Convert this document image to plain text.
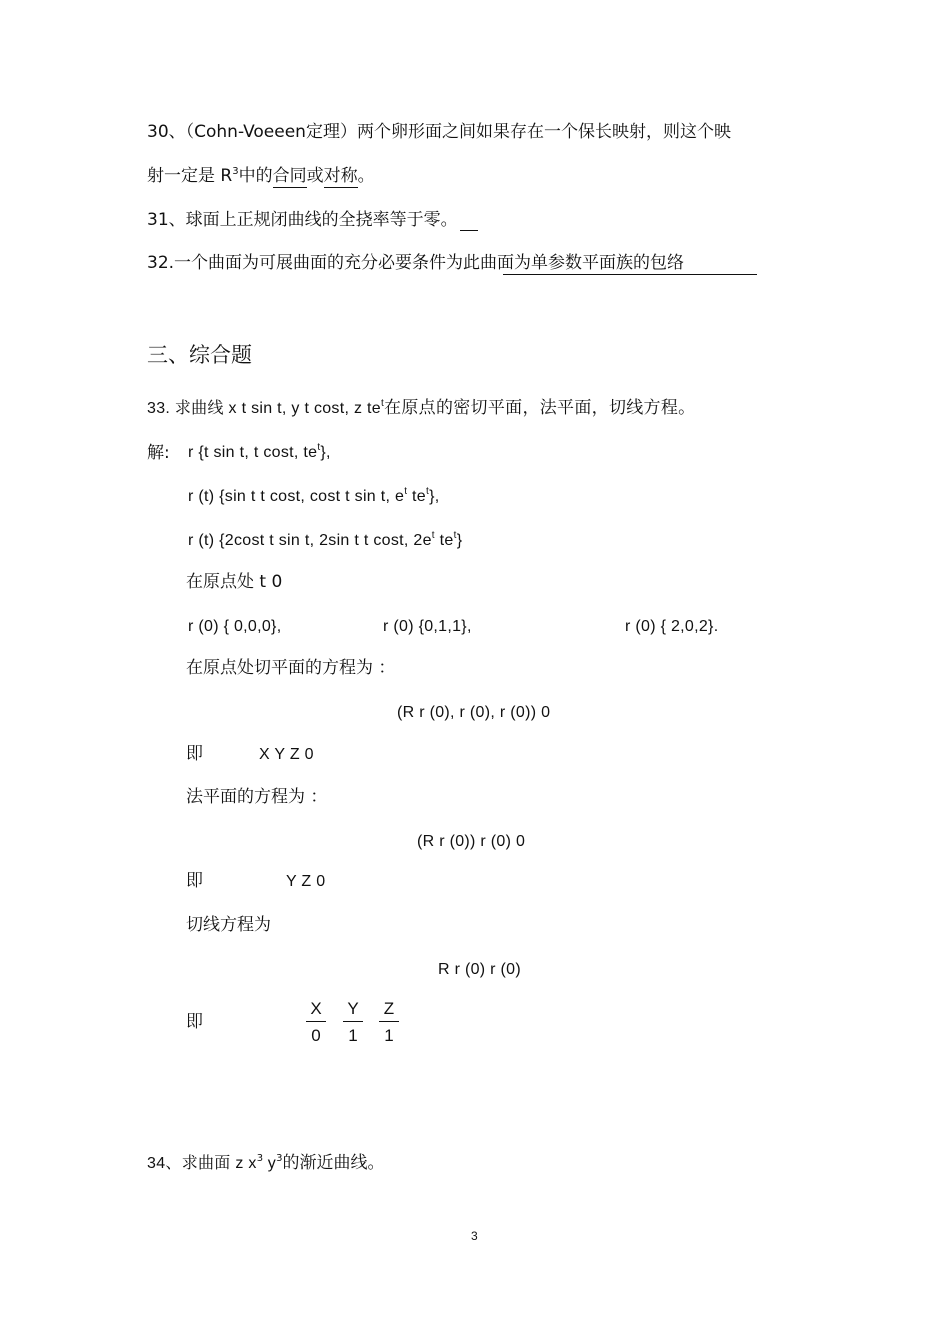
30、（Cohn-Voeeen定理）两个卵形面之间如果存在一个保长映射，则这个映
射一定是 $R^3$中的合同或对称。
31、球面上正规闭曲线的全挠率等于零。
32.一个曲面为可展曲面的充分必要条件为此曲面为单参数平面族的包络
三、综合题
33. 求曲线 x t sin t, y t cost, z $te^t$在原点的密切平面，法平面，切线方程。
解: r {t sin t, t cost, $te^t$},
r (t) {sin t t cost, cost t sin t, $e^t$ $te^t$},
r (t) {2cost t sin t, 2sin t t cost, $2e^t$ $te^t$}
在原点处 t 0
r (0) { 0,0,0},	r (0) {0,1,1},	r (0) { 2,0,2}.
在原点处切平面的方程为 ：
(R r (0), r (0), r (0)) 0
即	X Y Z 0
法平面的方程为 ：
(R r (0)) r (0) 0
即	Y Z 0
切线方程为
R r (0) r (0)
即	$\frac{X}{0} \frac{Y}{1} \frac{Z}{1}$
34、求曲面 z $x^3$ $y^3$的渐近曲线。
3
